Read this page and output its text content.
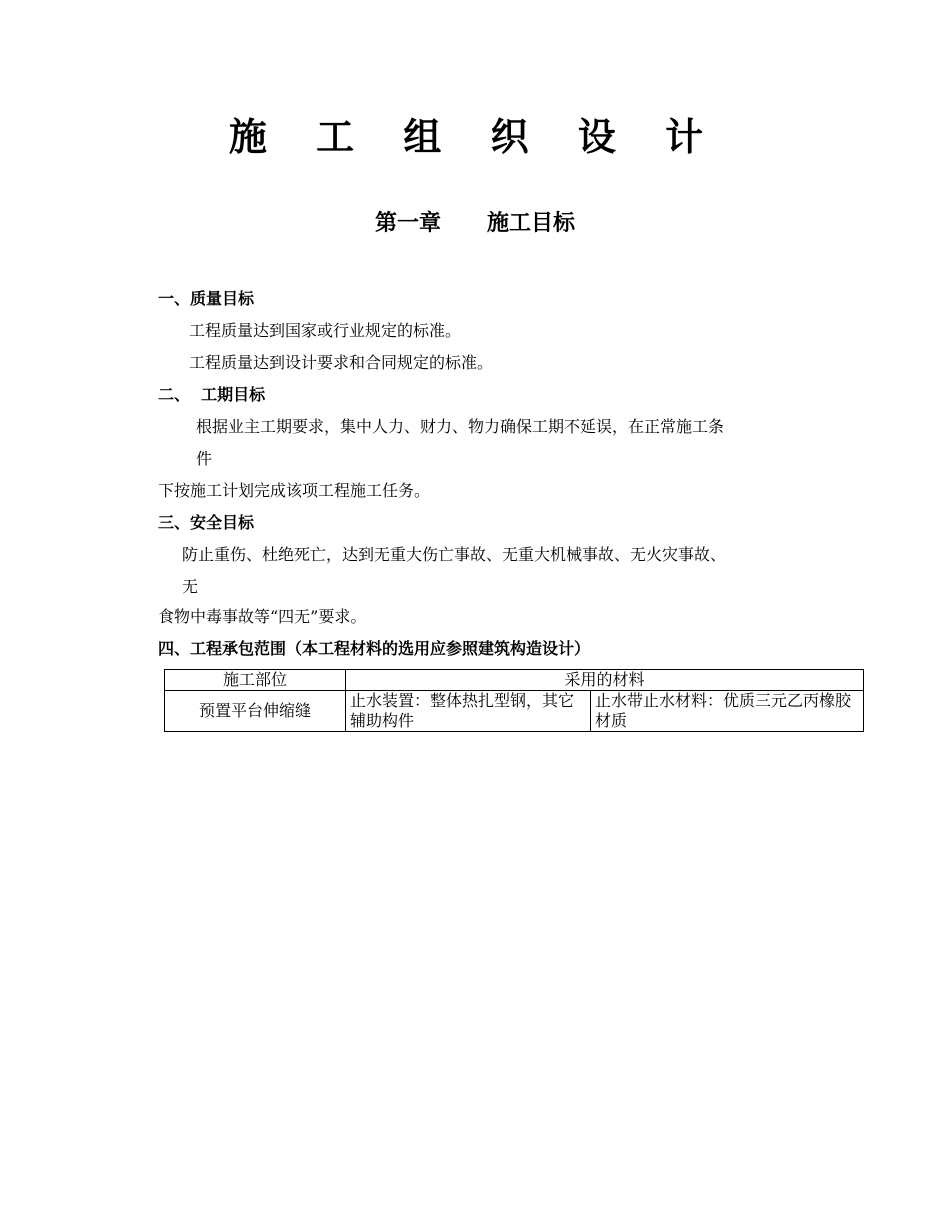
施 工 组 织 设 计
第一章      施工目标
一、质量目标
工程质量达到国家或行业规定的标准。
工程质量达到设计要求和合同规定的标准。
二、  工期目标
根据业主工期要求，集中人力、财力、物力确保工期不延误，在正常施工条
件
下按施工计划完成该项工程施工任务。
三、安全目标
防止重伤、杜绝死亡，达到无重大伤亡事故、无重大机械事故、无火灾事故、
无
食物中毒事故等“四无”要求。
四、工程承包范围（本工程材料的选用应参照建筑构造设计）
施工部位	采用的材料	
预置平台伸缩缝	止水装置：整体热扎型钢，其它辅助构件	止水带止水材料：优质三元乙丙橡胶材质
